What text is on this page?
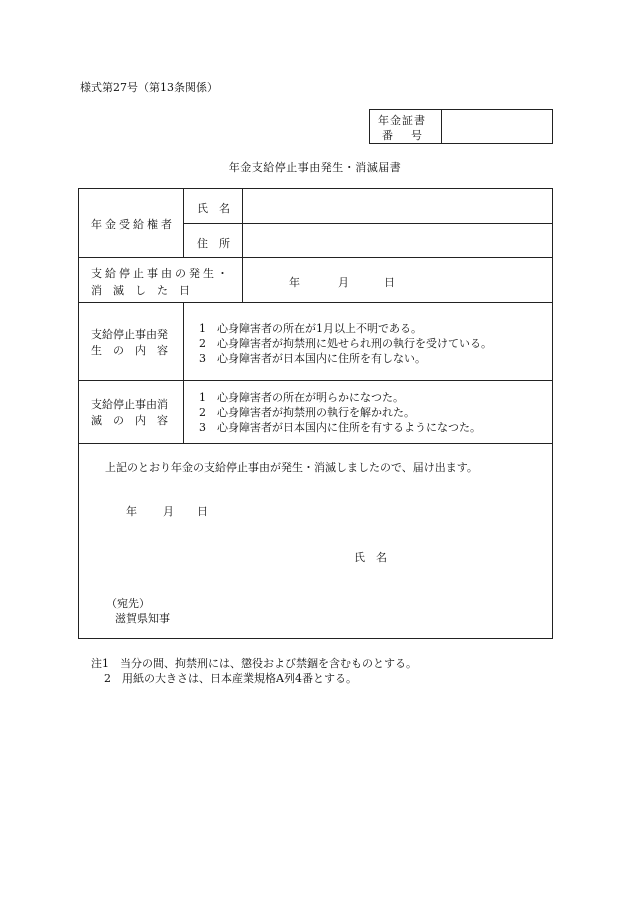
様式第27号（第13条関係）
年金証書
番号
年金支給停止事由発生・消滅届書
年金受給権者
氏　名
住　所
支給停止事由の発生・
消　滅　し　た　日
年	月	日
支給停止事由発
生　の　内　容
1　心身障害者の所在が1月以上不明である。
2　心身障害者が拘禁刑に処せられ刑の執行を受けている。
3　心身障害者が日本国内に住所を有しない。
支給停止事由消
滅　の　内　容
1　心身障害者の所在が明らかになつた。
2　心身障害者が拘禁刑の執行を解かれた。
3　心身障害者が日本国内に住所を有するようになつた。
上記のとおり年金の支給停止事由が発生・消滅しましたので、届け出ます。
年 月 日
氏　名
（宛先）
滋賀県知事
注1　当分の間、拘禁刑には、懲役および禁錮を含むものとする。
2　用紙の大きさは、日本産業規格A列4番とする。
